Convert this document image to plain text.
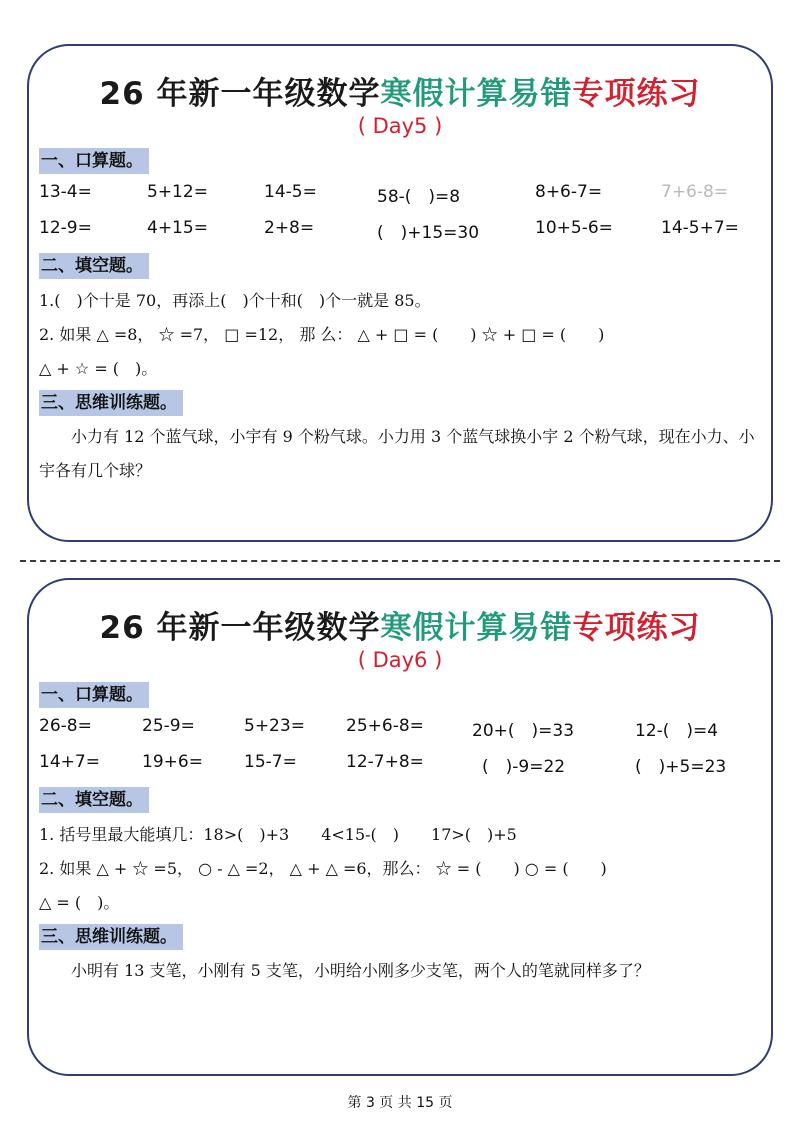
26 年新一年级数学寒假计算易错专项练习
( Day5 )
一、口算题。
13-4=	5+12=	14-5=	58-(　)=8	8+6-7=	7+6-8=
12-9=	4+15=	2+8=	(　)+15=30	10+5-6=	14-5+7=
二、填空题。
1.(　)个十是 70，再添上(　)个十和(　)个一就是 85。
2. 如果 △ =8， ☆ =7， □ =12， 那 么： △ + □ = (　　) ☆ + □ = (　　)
△ + ☆ = (　)。
三、思维训练题。
小力有 12 个蓝气球，小宇有 9 个粉气球。小力用 3 个蓝气球换小宇 2 个粉气球，现在小力、小宇各有几个球？
26 年新一年级数学寒假计算易错专项练习
( Day6 )
一、口算题。
26-8=	25-9=	5+23= 25+6-8=	20+(　)=33	12-(　)=4
14+7= 19+6= 15-7=	12-7+8=	(　)-9=22	(　)+5=23
二、填空题。
1. 括号里最大能填几：18>(　)+3　　4<15-(　)　　17>(　)+5
2. 如果 △ + ☆ =5， ○ - △ =2， △ + △ =6，那么： ☆ = (　　) ○ = (　　)
△ = (　)。
三、思维训练题。
小明有 13 支笔，小刚有 5 支笔，小明给小刚多少支笔，两个人的笔就同样多了？
第 3 页 共 15 页
